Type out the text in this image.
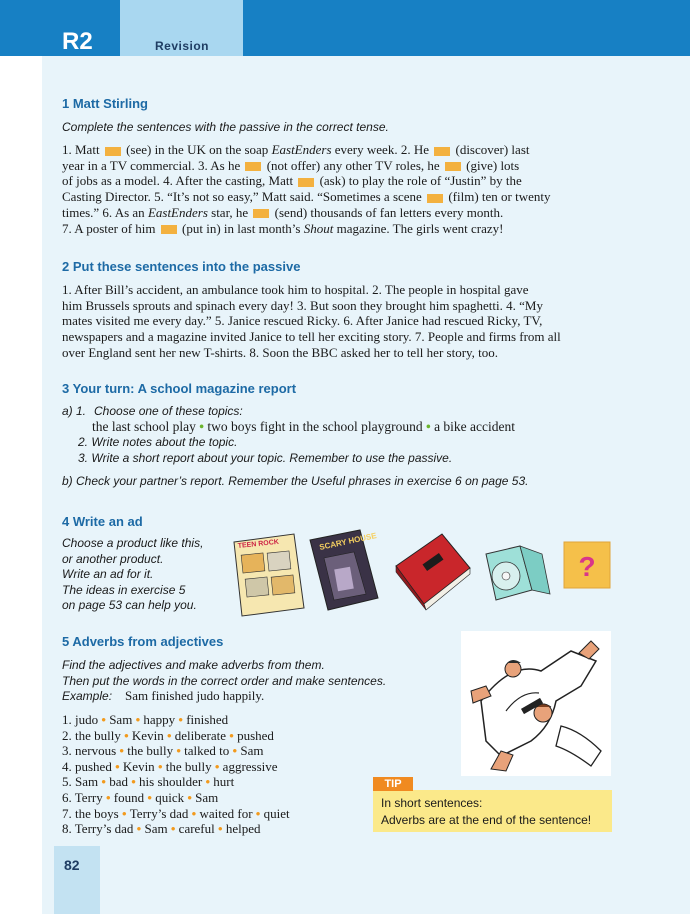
R2	Revision
1 Matt Stirling
Complete the sentences with the passive in the correct tense.

1. Matt  (see) in the UK on the soap EastEnders every week. 2. He  (discover) last

year in a TV commercial. 3. As he  (not offer) any other TV roles, he  (give) lots

of jobs as a model. 4. After the casting, Matt  (ask) to play the role of “Justin” by the

Casting Director. 5. “It’s not so easy,” Matt said. “Sometimes a scene  (film) ten or twenty

times.” 6. As an EastEnders star, he  (send) thousands of fan letters every month.

7. A poster of him  (put in) in last month’s Shout magazine. The girls went crazy!

2 Put these sentences into the passive

1. After Bill’s accident, an ambulance took him to hospital. 2. The people in hospital gave

him Brussels sprouts and spinach every day! 3. But soon they brought him spaghetti. 4. “My

mates visited me every day.” 5. Janice rescued Ricky. 6. After Janice had rescued Ricky, TV,

newspapers and a magazine invited Janice to tell her exciting story. 7. People and firms from all

over England sent her new T-shirts. 8. Soon the BBC asked her to tell her story, too.

3 Your turn: A school magazine report
a) 1. Choose one of these topics:
the last school play • two boys fight in the school playground • a bike accident
2. Write notes about the topic.
3. Write a short report about your topic. Remember to use the passive.
b) Check your partner’s report. Remember the Useful phrases in exercise 6 on page 53.
4 Write an ad
Choose a product like this,
or another product.
Write an ad for it.
The ideas in exercise 5
on page 53 can help you.
TEEN ROCK	SCARY HOUSE
?
5 Adverbs from adjectives
Find the adjectives and make adverbs from them.
Then put the words in the correct order and make sentences.
Example: Sam finished judo happily.

1. judo • Sam • happy • finished
2. the bully • Kevin • deliberate • pushed
3. nervous • the bully • talked to • Sam
4. pushed • Kevin • the bully • aggressive
5. Sam • bad • his shoulder • hurt
6. Terry • found • quick • Sam
7. the boys • Terry’s dad • waited for • quiet
8. Terry’s dad • Sam • careful • helped
TIP
In short sentences:
Adverbs are at the end of the sentence!
82
